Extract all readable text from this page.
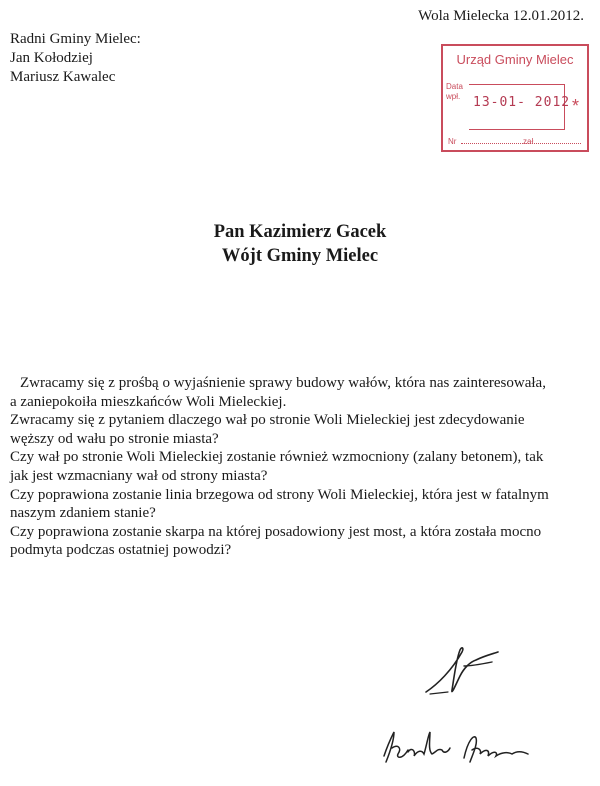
Wola Mielecka 12.01.2012.
Radni Gminy Mielec:
Jan Kołodziej
Mariusz Kawalec
Urząd Gminy Mielec
Data
wpł. 13-01- 2012 *
Nr	zał.
Pan Kazimierz Gacek
Wójt Gminy Mielec

Zwracamy się z prośbą o wyjaśnienie sprawy budowy wałów, która nas zainteresowała,

a zaniepokoiła mieszkańców Woli Mieleckiej.

Zwracamy się z pytaniem dlaczego wał po stronie Woli Mieleckiej jest zdecydowanie

węższy od wału po stronie miasta?

Czy wał po stronie Woli Mieleckiej zostanie również wzmocniony (zalany betonem), tak

jak jest wzmacniany wał od strony miasta?

Czy poprawiona zostanie linia brzegowa od strony Woli Mieleckiej, która jest w fatalnym

naszym zdaniem stanie?

Czy poprawiona zostanie skarpa na której posadowiony jest most, a która została mocno

podmyta podczas ostatniej powodzi?
